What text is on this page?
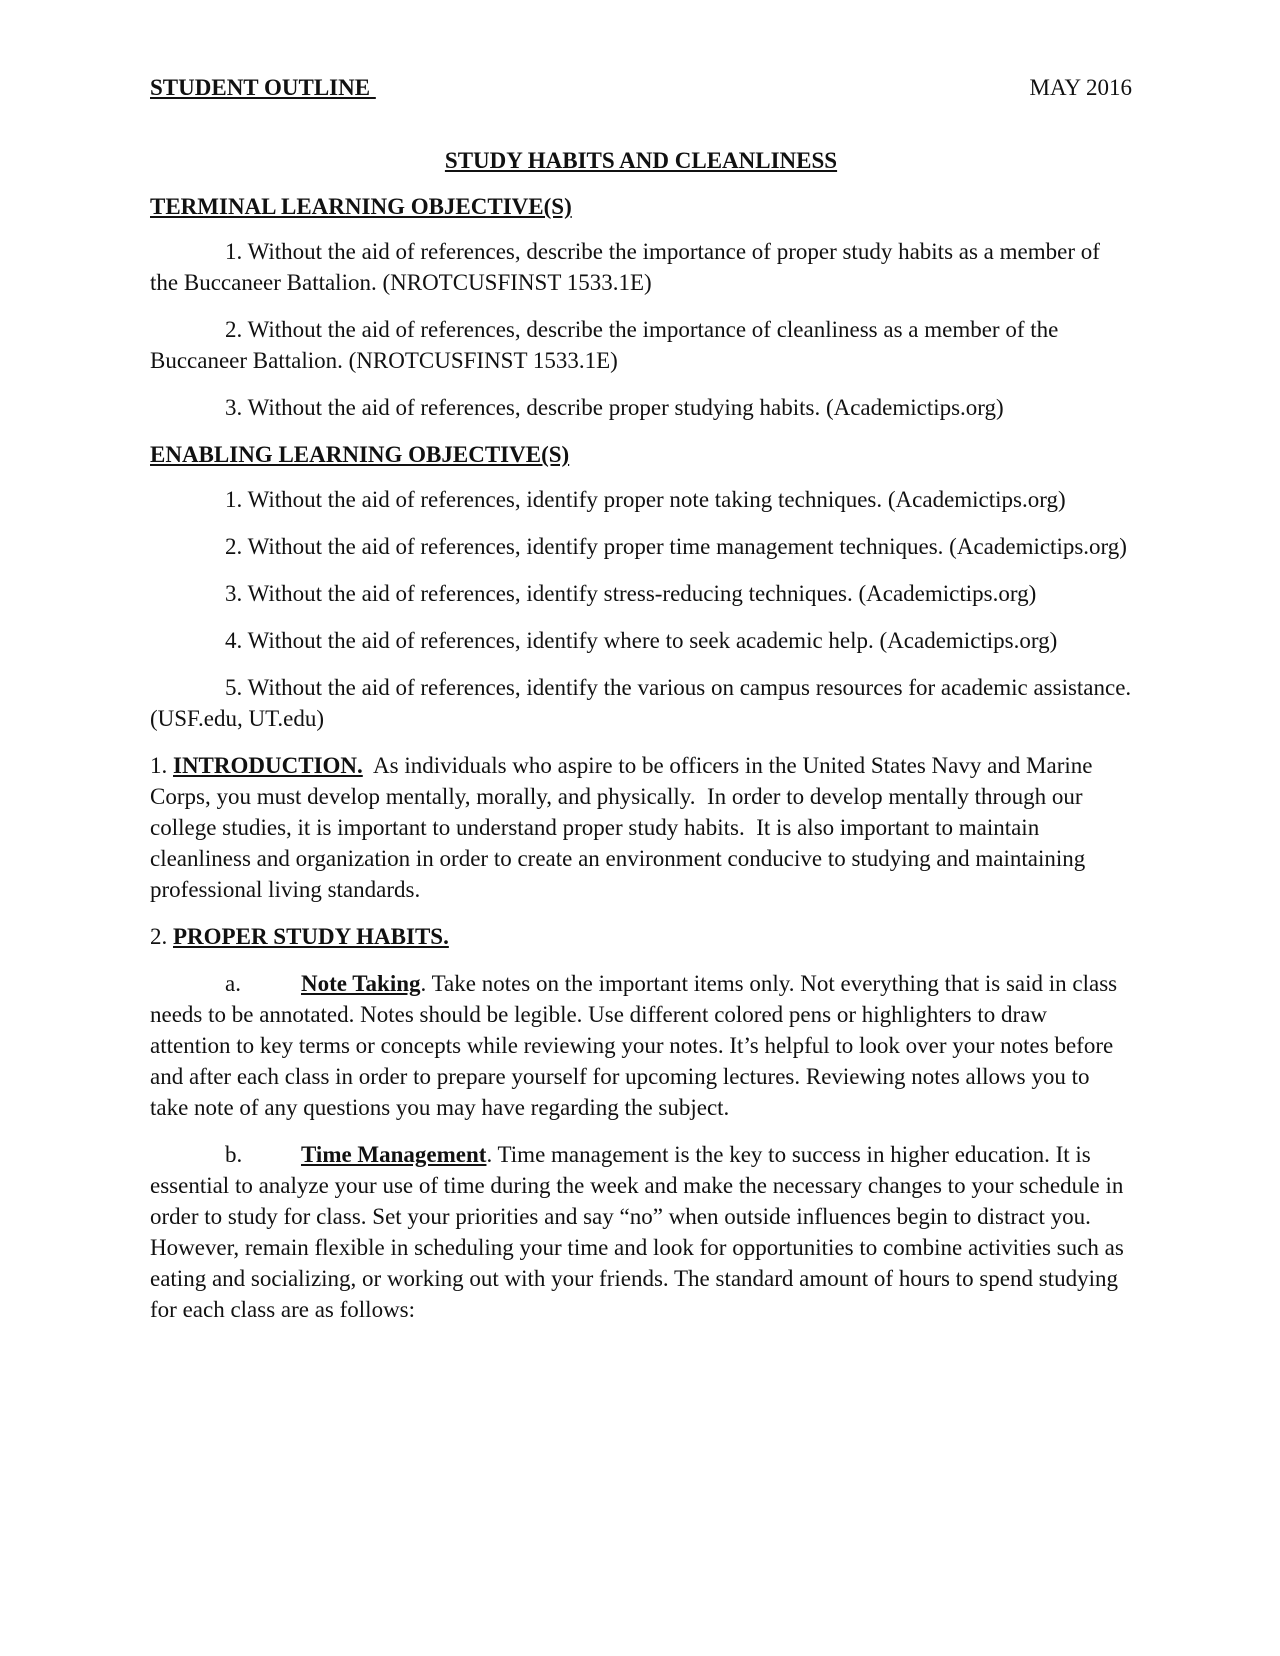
STUDENT OUTLINE	MAY 2016
STUDY HABITS AND CLEANLINESS
TERMINAL LEARNING OBJECTIVE(S)
1. Without the aid of references, describe the importance of proper study habits as a member of the Buccaneer Battalion. (NROTCUSFINST 1533.1E)
2. Without the aid of references, describe the importance of cleanliness as a member of the Buccaneer Battalion. (NROTCUSFINST 1533.1E)
3. Without the aid of references, describe proper studying habits. (Academictips.org)
ENABLING LEARNING OBJECTIVE(S)
1. Without the aid of references, identify proper note taking techniques. (Academictips.org)
2. Without the aid of references, identify proper time management techniques. (Academictips.org)
3. Without the aid of references, identify stress-reducing techniques. (Academictips.org)
4. Without the aid of references, identify where to seek academic help. (Academictips.org)
5. Without the aid of references, identify the various on campus resources for academic assistance. (USF.edu, UT.edu)
1. INTRODUCTION.  As individuals who aspire to be officers in the United States Navy and Marine Corps, you must develop mentally, morally, and physically.  In order to develop mentally through our college studies, it is important to understand proper study habits.  It is also important to maintain cleanliness and organization in order to create an environment conducive to studying and maintaining professional living standards.
2. PROPER STUDY HABITS.
a.	Note Taking. Take notes on the important items only. Not everything that is said in class needs to be annotated. Notes should be legible. Use different colored pens or highlighters to draw attention to key terms or concepts while reviewing your notes. It’s helpful to look over your notes before and after each class in order to prepare yourself for upcoming lectures. Reviewing notes allows you to take note of any questions you may have regarding the subject.
b.	Time Management. Time management is the key to success in higher education. It is essential to analyze your use of time during the week and make the necessary changes to your schedule in order to study for class. Set your priorities and say “no” when outside influences begin to distract you. However, remain flexible in scheduling your time and look for opportunities to combine activities such as eating and socializing, or working out with your friends. The standard amount of hours to spend studying for each class are as follows:
